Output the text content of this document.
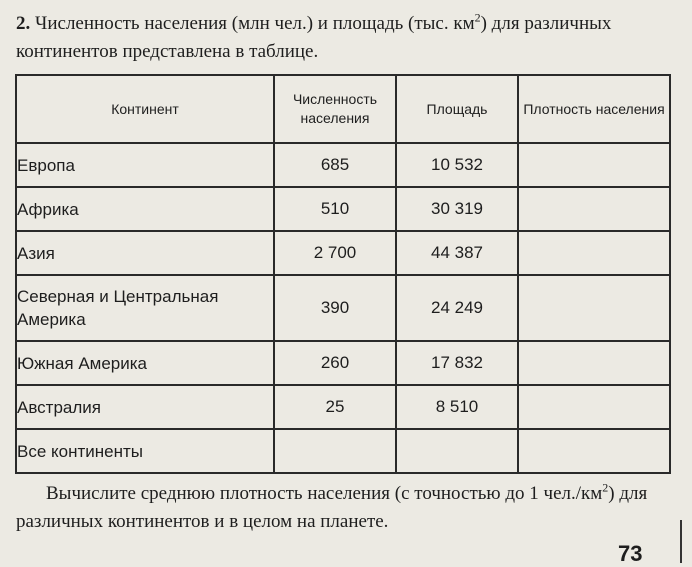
2. Численность населения (млн чел.) и площадь (тыс. $км^2$) для различных континентов представлена в таблице.
Континент	Численность населения	Площадь	Плотность населения
Европа	685	10 532	
Африка	510	30 319	
Азия	2 700	44 387	
Северная и Центральная Америка	390	24 249	
Южная Америка	260	17 832	
Австралия	25	8 510	
Все континенты			
Вычислите среднюю плотность населения (с точностью до 1 $чел./км^2$) для различных континентов и в целом на планете.
73
